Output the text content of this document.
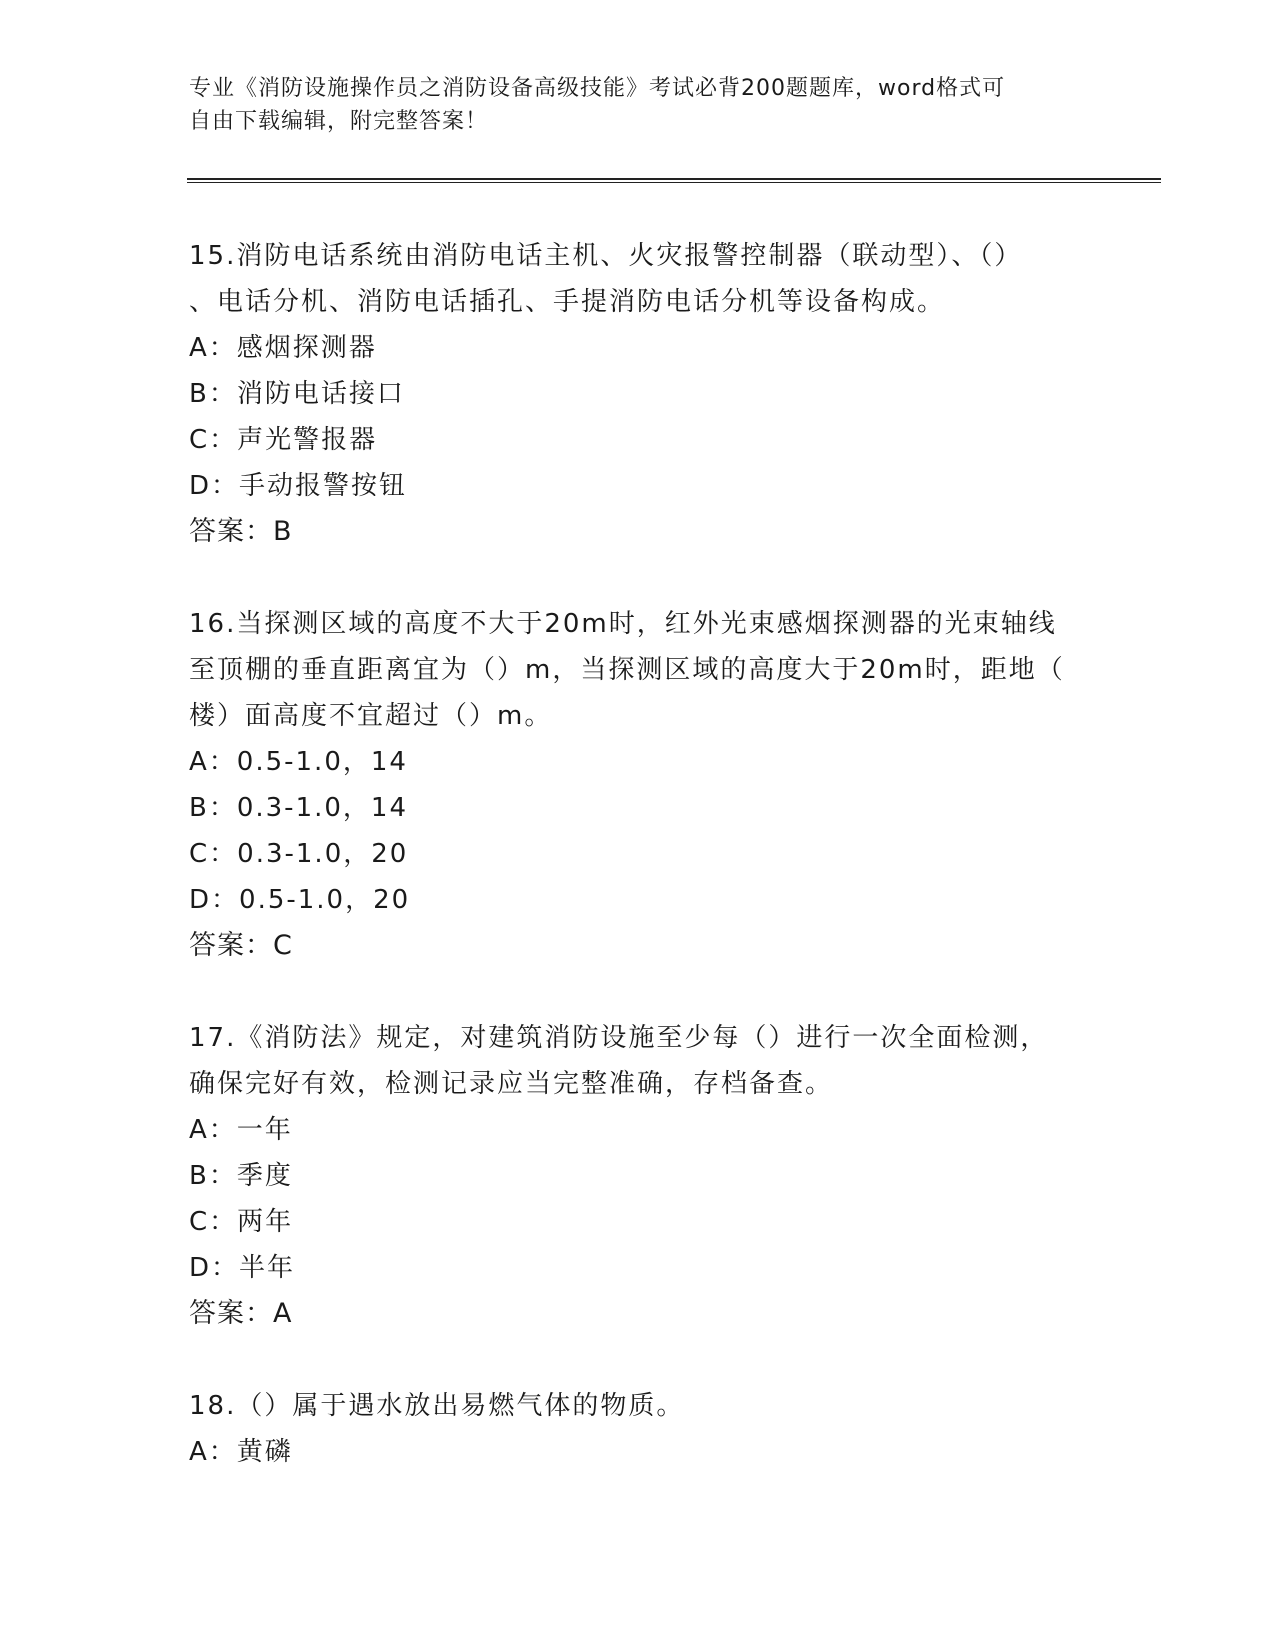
专业《消防设施操作员之消防设备高级技能》考试必背200题题库，word格式可
自由下载编辑，附完整答案！

15.消防电话系统由消防电话主机、火灾报警控制器（联动型）、（）

、电话分机、消防电话插孔、手提消防电话分机等设备构成。

A：感烟探测器

B：消防电话接口

C：声光警报器

D：手动报警按钮

答案：B

16.当探测区域的高度不大于20m时，红外光束感烟探测器的光束轴线

至顶棚的垂直距离宜为（）m，当探测区域的高度大于20m时，距地（

楼）面高度不宜超过（）m。

A：0.5-1.0，14

B：0.3-1.0，14

C：0.3-1.0，20

D：0.5-1.0，20

答案：C

17.《消防法》规定，对建筑消防设施至少每（）进行一次全面检测，

确保完好有效，检测记录应当完整准确，存档备查。

A：一年

B：季度

C：两年

D：半年

答案：A

18.（）属于遇水放出易燃气体的物质。

A：黄磷
